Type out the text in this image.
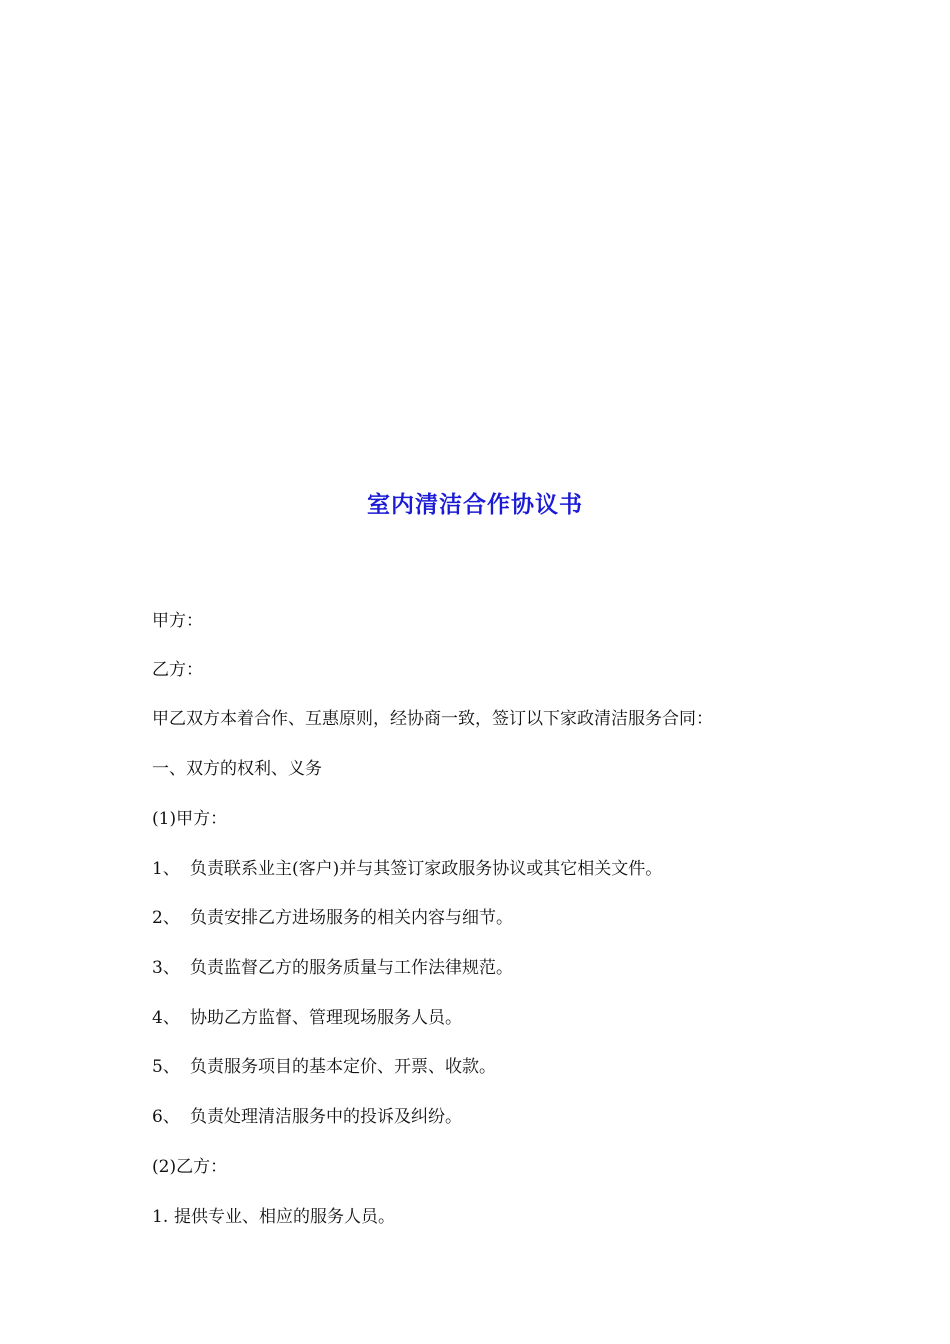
室内清洁合作协议书

甲方：

乙方：

甲乙双方本着合作、互惠原则，经协商一致，签订以下家政清洁服务合同：

一、双方的权利、义务

(1)甲方：

1、 负责联系业主(客户)并与其签订家政服务协议或其它相关文件。

2、 负责安排乙方进场服务的相关内容与细节。

3、 负责监督乙方的服务质量与工作法律规范。

4、 协助乙方监督、管理现场服务人员。

5、 负责服务项目的基本定价、开票、收款。

6、 负责处理清洁服务中的投诉及纠纷。

(2)乙方：

1. 提供专业、相应的服务人员。
